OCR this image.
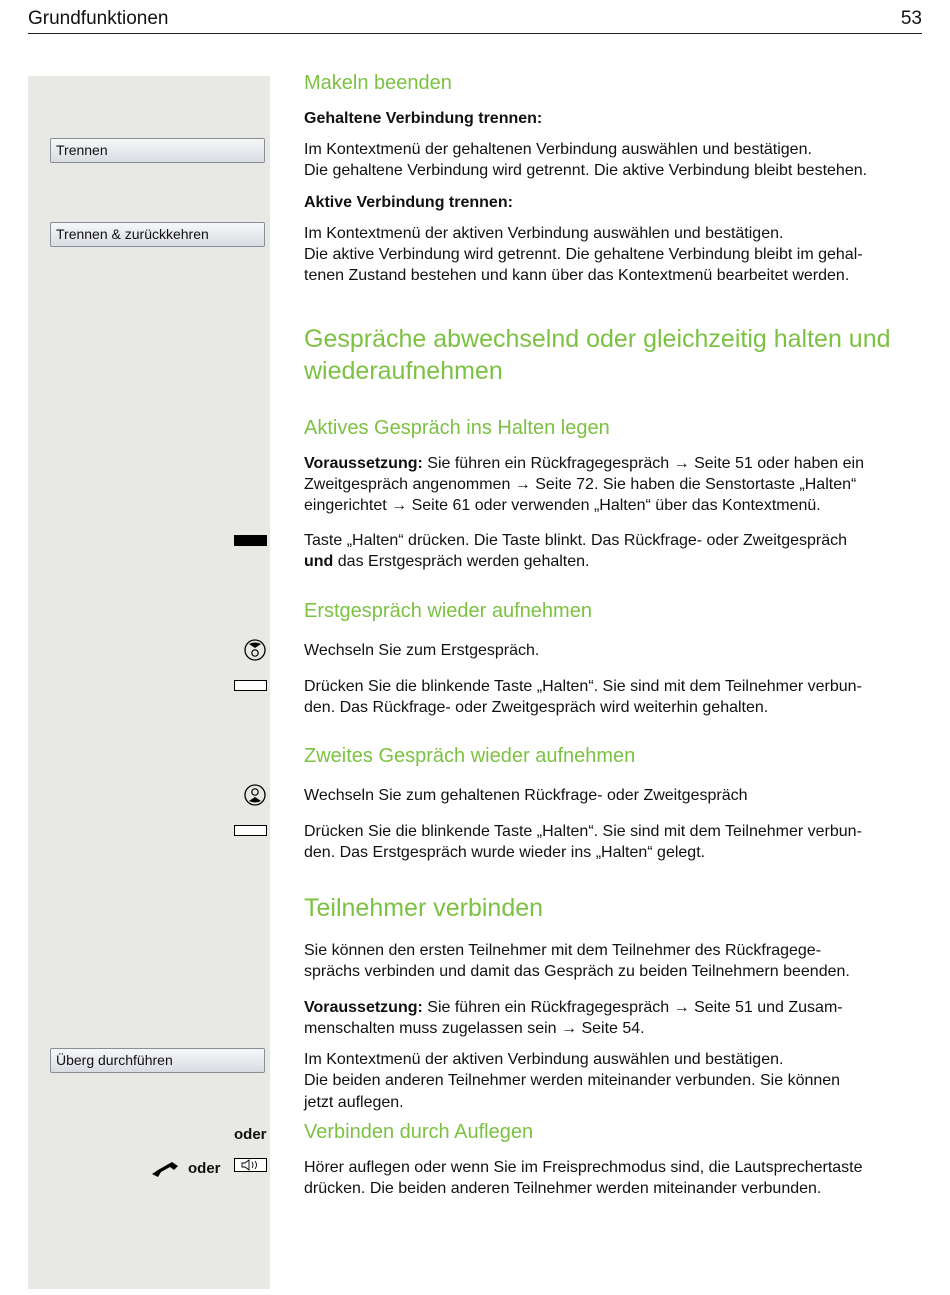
Grundfunktionen	53
Trennen
Trennen & zurückkehren
Überg durchführen
oder
oder
Makeln beenden
Gehaltene Verbindung trennen:
Im Kontextmenü der gehaltenen Verbindung auswählen und bestätigen.
Die gehaltene Verbindung wird getrennt. Die aktive Verbindung bleibt bestehen.
Aktive Verbindung trennen:
Im Kontextmenü der aktiven Verbindung auswählen und bestätigen.
Die aktive Verbindung wird getrennt. Die gehaltene Verbindung bleibt im gehal-
tenen Zustand bestehen und kann über das Kontextmenü bearbeitet werden.
Gespräche abwechselnd oder gleichzeitig halten und
wiederaufnehmen
Aktives Gespräch ins Halten legen
Voraussetzung: Sie führen ein Rückfragegespräch → Seite 51 oder haben ein
Zweitgespräch angenommen → Seite 72. Sie haben die Senstortaste „Halten“
eingerichtet → Seite 61 oder verwenden „Halten“ über das Kontextmenü.
Taste „Halten“ drücken. Die Taste blinkt. Das Rückfrage- oder Zweitgespräch
und das Erstgespräch werden gehalten.
Erstgespräch wieder aufnehmen
Wechseln Sie zum Erstgespräch.
Drücken Sie die blinkende Taste „Halten“. Sie sind mit dem Teilnehmer verbun-
den. Das Rückfrage- oder Zweitgespräch wird weiterhin gehalten.
Zweites Gespräch wieder aufnehmen
Wechseln Sie zum gehaltenen Rückfrage- oder Zweitgespräch
Drücken Sie die blinkende Taste „Halten“. Sie sind mit dem Teilnehmer verbun-
den. Das Erstgespräch wurde wieder ins „Halten“ gelegt.
Teilnehmer verbinden
Sie können den ersten Teilnehmer mit dem Teilnehmer des Rückfragege-
sprächs verbinden und damit das Gespräch zu beiden Teilnehmern beenden.
Voraussetzung: Sie führen ein Rückfragegespräch → Seite 51 und Zusam-
menschalten muss zugelassen sein → Seite 54.
Im Kontextmenü der aktiven Verbindung auswählen und bestätigen.
Die beiden anderen Teilnehmer werden miteinander verbunden. Sie können
jetzt auflegen.
Verbinden durch Auflegen
Hörer auflegen oder wenn Sie im Freisprechmodus sind, die Lautsprechertaste
drücken. Die beiden anderen Teilnehmer werden miteinander verbunden.
